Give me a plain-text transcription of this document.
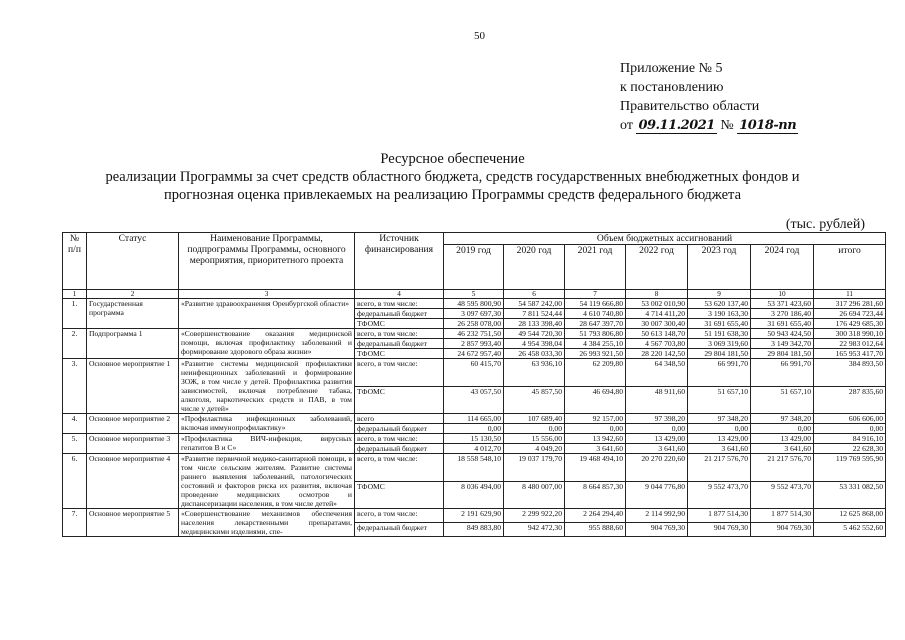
50
Приложение № 5
к постановлению
Правительство области
от 09.11.2021 № 1018-пп
Ресурсное обеспечение
реализации Программы за счет средств областного бюджета, средств государственных внебюджетных фондов и
прогнозная оценка привлекаемых на реализацию Программы средств федерального бюджета
(тыс. рублей)
№ п/п	Статус	Наименование Программы, подпрограммы Программы, основного мероприятия, приоритетного проекта	Источник финансирования	Объем бюджетных ассигнований						
				2019 год	2020 год	2021 год	2022 год	2023 год	2024 год	итого
1	2	3	4	5	6	7	8	9	10	11
1.	Государственная программа	«Развитие здравоохранения Оренбургской области»	всего, в том числе:	48 595 800,90	54 587 242,00	54 119 666,80	53 002 010,90	53 620 137,40	53 371 423,60	317 296 281,60
			федеральный бюджет	3 097 697,30	7 811 524,44	4 610 740,80	4 714 411,20	3 190 163,30	3 270 186,40	26 694 723,44
			ТФОМС	26 258 078,00	28 133 398,40	28 647 397,70	30 007 300,40	31 691 655,40	31 691 655,40	176 429 685,30
2.	Подпрограмма 1	«Совершенствование оказания медицинской помощи, включая профилактику заболеваний и формирование здорового образа жизни»	всего, в том числе:	46 232 751,50	49 544 720,30	51 793 806,80	50 613 148,70	51 191 638,30	50 943 424,50	300 318 990,10
			федеральный бюджет	2 857 993,40	4 954 398,04	4 384 255,10	4 567 703,80	3 069 319,60	3 149 342,70	22 983 012,64
			ТФОМС	24 672 957,40	26 458 033,30	26 993 921,50	28 220 142,50	29 804 181,50	29 804 181,50	165 953 417,70
3.	Основное мероприятие 1	«Развитие системы медицинской профилактики неинфекционных заболеваний и формирование ЗОЖ, в том числе у детей. Профилактика развития зависимостей, включая потребление табака, алкоголя, наркотических средств и ПАВ, в том числе у детей»	всего, в том числе:	60 415,70	63 936,10	62 209,80	64 348,50	66 991,70	66 991,70	384 893,50
			ТФОМС	43 057,50	45 857,50	46 694,80	48 911,60	51 657,10	51 657,10	287 835,60
4.	Основное мероприятие 2	«Профилактика инфекционных заболеваний, включая иммунопрофилактику»	всего	114 665,00	107 689,40	92 157,00	97 398,20	97 348,20	97 348,20	606 606,00
			федеральный бюджет	0,00	0,00	0,00	0,00	0,00	0,00	0,00
5.	Основное мероприятие 3	«Профилактика ВИЧ-инфекция, вирусных гепатитов В и С»	всего, в том числе:	15 130,50	15 556,00	13 942,60	13 429,00	13 429,00	13 429,00	84 916,10
			федеральный бюджет	4 012,70	4 049,20	3 641,60	3 641,60	3 641,60	3 641,60	22 628,30
6.	Основное мероприятие 4	«Развитие первичной медико-санитарной помощи, в том числе сельским жителям. Развитие системы раннего выявления заболеваний, патологических состояний и факторов риска их развития, включая проведение медицинских осмотров и диспансеризации населения, в том числе детей»	всего, в том числе:	18 558 548,10	19 037 179,70	19 468 494,10	20 270 220,60	21 217 576,70	21 217 576,70	119 769 595,90
			ТФОМС	8 036 494,00	8 480 007,00	8 664 857,30	9 044 776,80	9 552 473,70	9 552 473,70	53 331 082,50
7.	Основное мероприятие 5	«Совершенствование механизмов обеспечения населения лекарственными препаратами, медицинскими изделиями, спе-	всего, в том числе:	2 191 629,90	2 299 922,20	2 264 294,40	2 114 992,90	1 877 514,30	1 877 514,30	12 625 868,00
			федеральный бюджет	849 883,80	942 472,30	955 888,60	904 769,30	904 769,30	904 769,30	5 462 552,60
